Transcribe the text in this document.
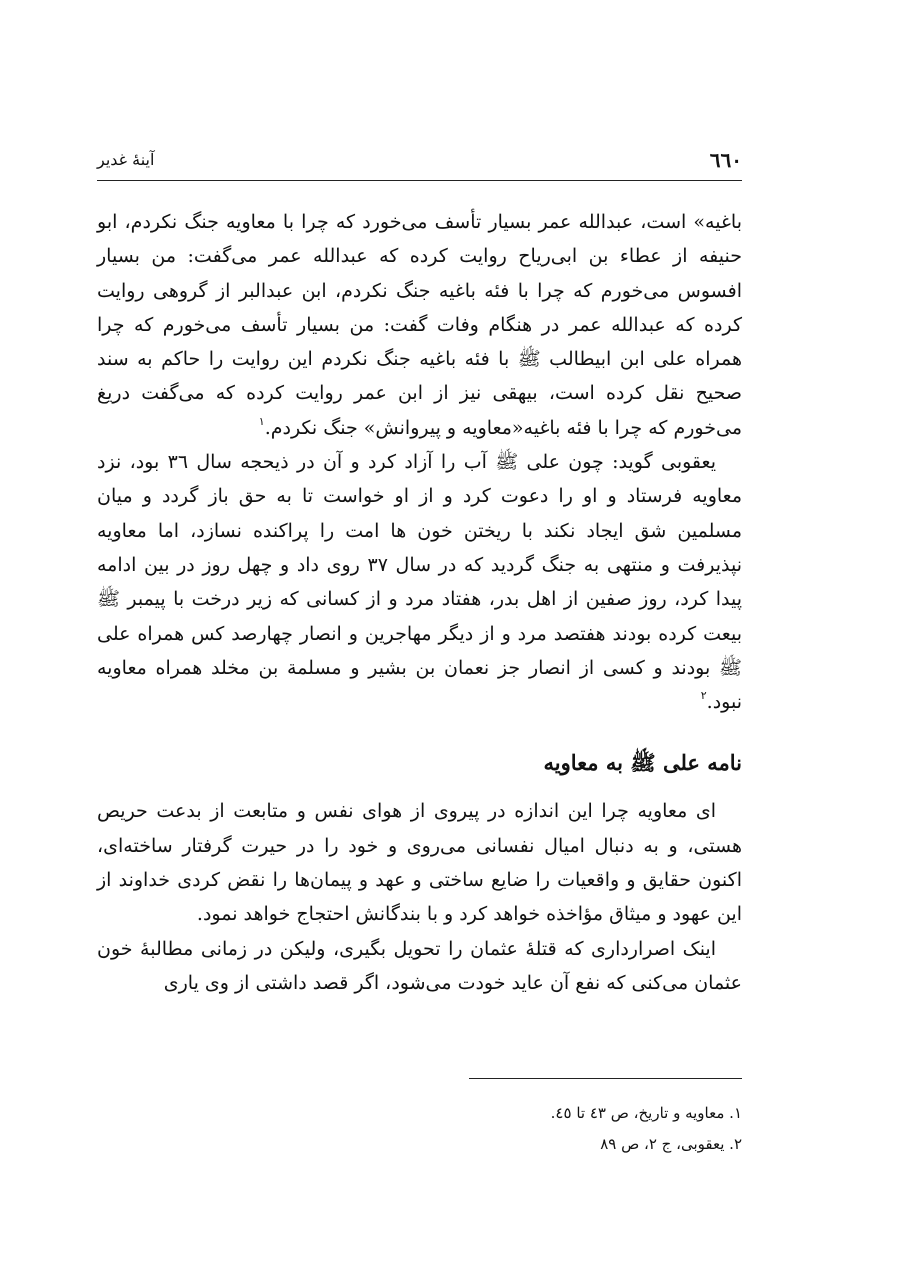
٦٦٠
آینهٔ غدیر

باغیه» است، عبدالله عمر بسیار تأسف می‌خورد که چرا با معاویه جنگ نکردم، ابو حنیفه از عطاء بن ابی‌ریاح روایت کرده که عبدالله عمر می‌گفت: من بسیار افسوس می‌خورم که چرا با فئه باغیه جنگ نکردم، ابن عبدالبر از گروهی روایت کرده که عبدالله عمر در هنگام وفات گفت: من بسیار تأسف می‌خورم که چرا همراه علی ابن ابیطالب ﷺ با فئه باغیه جنگ نکردم این روایت را حاکم به سند صحیح نقل کرده است، بیهقی نیز از ابن عمر روایت کرده که می‌گفت دریغ می‌خورم که چرا با فئه باغیه«معاویه و پیروانش» جنگ نکردم.$^١$

یعقوبی گوید: چون علی ﷺ آب را آزاد کرد و آن در ذیحجه سال ٣٦ بود، نزد معاویه فرستاد و او را دعوت کرد و از او خواست تا به حق باز گردد و میان مسلمین شق ایجاد نکند با ریختن خون ها امت را پراکنده نسازد، اما معاویه نپذیرفت و منتهی به جنگ گردید که در سال ٣٧ روی داد و چهل روز در بین ادامه پیدا کرد، روز صفین از اهل بدر، هفتاد مرد و از کسانی که زیر درخت با پیمبر ﷺ بیعت کرده بودند هفتصد مرد و از دیگر مهاجرین و انصار چهارصد کس همراه علی ﷺ بودند و کسی از انصار جز نعمان بن بشیر و مسلمة بن مخلد همراه معاویه نبود.$^٢$

نامه علی ﷺ به معاویه

ای معاویه چرا این اندازه در پیروی از هوای نفس و متابعت از بدعت حریص هستی، و به دنبال امیال نفسانی می‌روی و خود را در حیرت گرفتار ساخته‌ای، اکنون حقایق و واقعیات را ضایع ساختی و عهد و پیمان‌ها را نقض کردی خداوند از این عهود و میثاق مؤاخذه خواهد کرد و با بندگانش احتجاج خواهد نمود.

اینک اصرارداری که قتلهٔ عثمان را تحویل بگیری، ولیکن در زمانی مطالبهٔ خون عثمان می‌کنی که نفع آن عاید خودت می‌شود، اگر قصد داشتی از وی یاری

١. معاویه و تاریخ، ص ٤٣ تا ٤٥.

٢. یعقوبی، ج ٢، ص ٨٩
